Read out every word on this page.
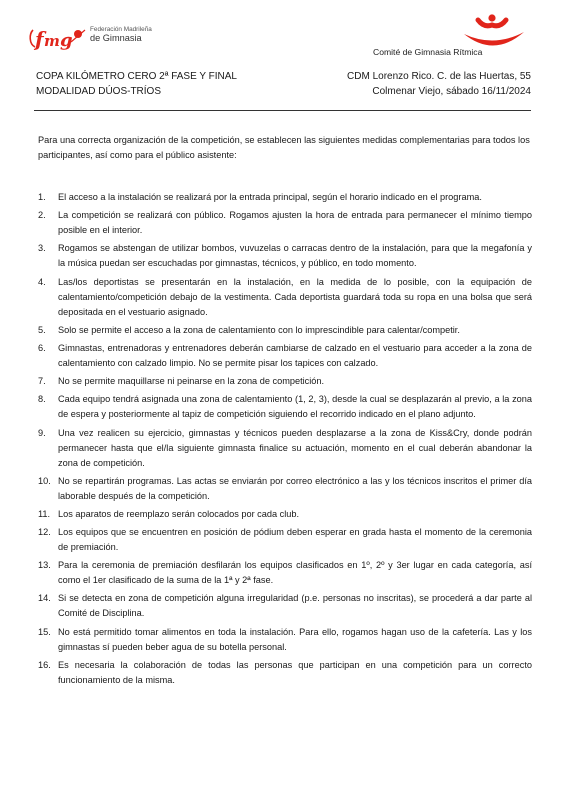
f m g
Federación Madrileña
de Gimnasia
Comité de Gimnasia Rítmica
COPA KILÓMETRO CERO 2ª FASE Y FINAL
MODALIDAD DÚOS-TRÍOS
CDM Lorenzo Rico. C. de las Huertas, 55
Colmenar Viejo, sábado 16/11/2024

Para una correcta organización de la competición, se establecen las siguientes medidas complementarias para todos los participantes, así como para el público asistente:

1. El acceso a la instalación se realizará por la entrada principal, según el horario indicado en el programa.
2. La competición se realizará con público. Rogamos ajusten la hora de entrada para permanecer el mínimo tiempo posible en el interior.
3. Rogamos se abstengan de utilizar bombos, vuvuzelas o carracas dentro de la instalación, para que la megafonía y la música puedan ser escuchadas por gimnastas, técnicos, y público, en todo momento.
4. Las/los deportistas se presentarán en la instalación, en la medida de lo posible, con la equipación de calentamiento/competición debajo de la vestimenta. Cada deportista guardará toda su ropa en una bolsa que será depositada en el vestuario asignado.
5. Solo se permite el acceso a la zona de calentamiento con lo imprescindible para calentar/competir.
6. Gimnastas, entrenadoras y entrenadores deberán cambiarse de calzado en el vestuario para acceder a la zona de calentamiento con calzado limpio. No se permite pisar los tapices con calzado.
7. No se permite maquillarse ni peinarse en la zona de competición.
8. Cada equipo tendrá asignada una zona de calentamiento (1, 2, 3), desde la cual se desplazarán al previo, a la zona de espera y posteriormente al tapiz de competición siguiendo el recorrido indicado en el plano adjunto.
9. Una vez realicen su ejercicio, gimnastas y técnicos pueden desplazarse a la zona de Kiss&Cry, donde podrán permanecer hasta que el/la siguiente gimnasta finalice su actuación, momento en el cual deberán abandonar la zona de competición.
10. No se repartirán programas. Las actas se enviarán por correo electrónico a las y los técnicos inscritos el primer día laborable después de la competición.
11. Los aparatos de reemplazo serán colocados por cada club.
12. Los equipos que se encuentren en posición de pódium deben esperar en grada hasta el momento de la ceremonia de premiación.
13. Para la ceremonia de premiación desfilarán los equipos clasificados en 1º, 2º y 3er lugar en cada categoría, así como el 1er clasificado de la suma de la 1ª y 2ª fase.
14. Si se detecta en zona de competición alguna irregularidad (p.e. personas no inscritas), se procederá a dar parte al Comité de Disciplina.
15. No está permitido tomar alimentos en toda la instalación. Para ello, rogamos hagan uso de la cafetería. Las y los gimnastas sí pueden beber agua de su botella personal.
16. Es necesaria la colaboración de todas las personas que participan en una competición para un correcto funcionamiento de la misma.
